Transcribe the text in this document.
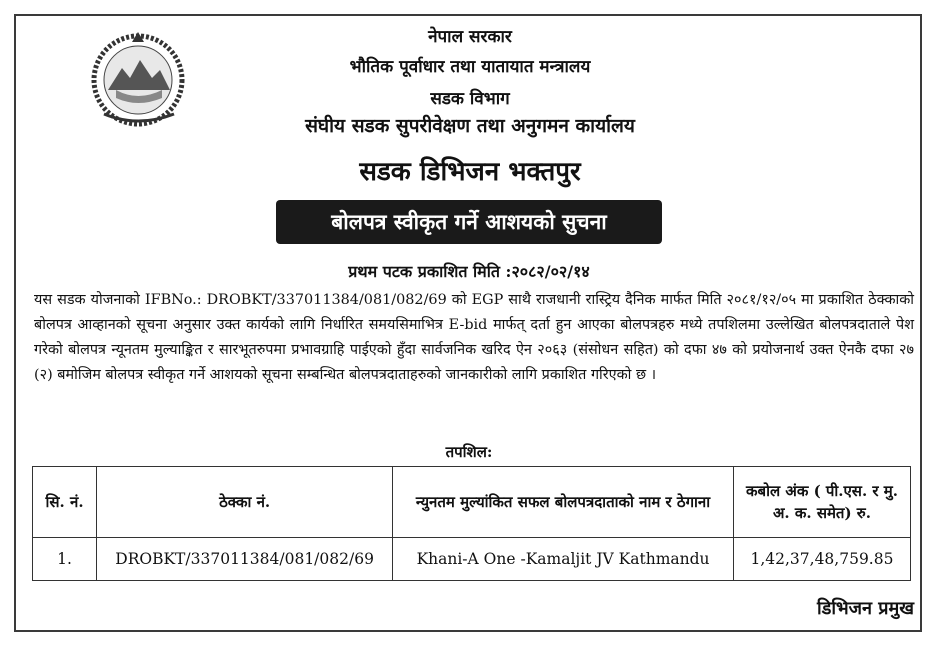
नेपाल सरकार
भौतिक पूर्वाधार तथा यातायात मन्त्रालय
सडक विभाग
संघीय सडक सुपरीवेक्षण तथा अनुगमन कार्यालय
सडक डिभिजन भक्तपुर
बोलपत्र स्वीकृत गर्ने आशयको सुचना
प्रथम पटक प्रकाशित मिति :२०८२/०२/१४
यस सडक योजनाको IFBNo.: DROBKT/337011384/081/082/69 को EGP साथै राजधानी रास्ट्रिय दैनिक मार्फत मिति २०८१/१२/०५ मा प्रकाशित ठेक्काको बोलपत्र आव्हानको सूचना अनुसार उक्त कार्यको लागि निर्धारित समयसिमाभित्र E-bid मार्फत् दर्ता हुन आएका बोलपत्रहरु मध्ये तपशिलमा उल्लेखित बोलपत्रदाताले पेश गरेको बोलपत्र न्यूनतम मुल्याङ्कित र सारभूतरुपमा प्रभावग्राहि पाईएको हुँदा सार्वजनिक खरिद ऐन २०६३ (संसोधन सहित) को दफा ४७ को प्रयोजनार्थ उक्त ऐनकै दफा २७ (२) बमोजिम बोलपत्र स्वीकृत गर्ने आशयको सूचना सम्बन्धित बोलपत्रदाताहरुको जानकारीको लागि प्रकाशित गरिएको छ ।
तपशिल:
सि. नं.	ठेक्का नं.	न्युनतम मुल्यांकित सफल बोलपत्रदाताको नाम र ठेगाना	कबोल अंक ( पी.एस. र मु. अ. क. समेत) रु.
1.	DROBKT/337011384/081/082/69	Khani-A One -Kamaljit JV Kathmandu	1,42,37,48,759.85
डिभिजन प्रमुख
